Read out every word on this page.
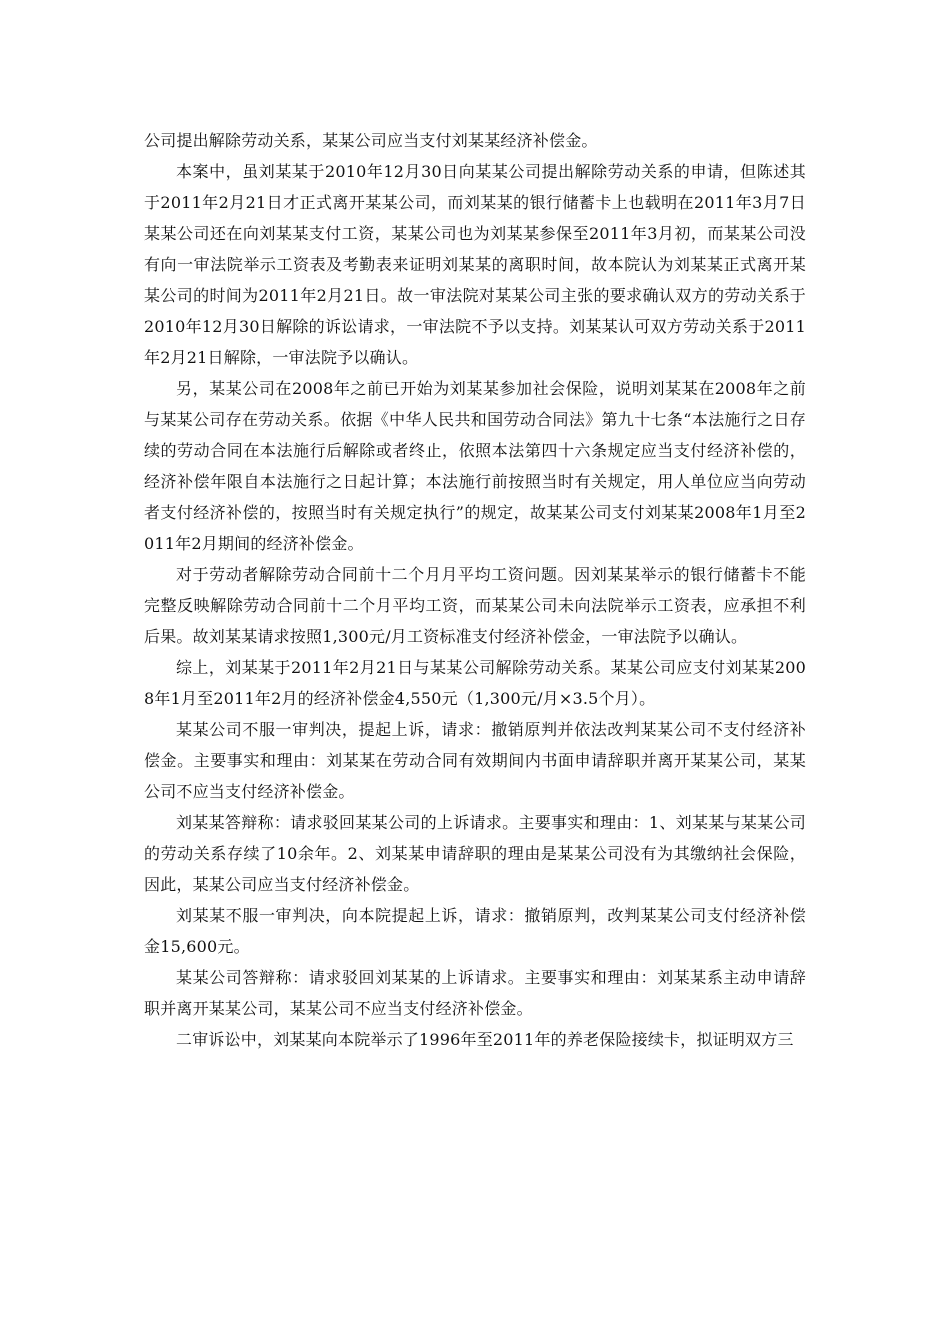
公司提出解除劳动关系，某某公司应当支付刘某某经济补偿金。

本案中，虽刘某某于2010年12月30日向某某公司提出解除劳动关系的申请，但陈述其于2011年2月21日才正式离开某某公司，而刘某某的银行储蓄卡上也载明在2011年3月7日某某公司还在向刘某某支付工资，某某公司也为刘某某参保至2011年3月初，而某某公司没有向一审法院举示工资表及考勤表来证明刘某某的离职时间，故本院认为刘某某正式离开某某公司的时间为2011年2月21日。故一审法院对某某公司主张的要求确认双方的劳动关系于2010年12月30日解除的诉讼请求，一审法院不予以支持。刘某某认可双方劳动关系于2011年2月21日解除，一审法院予以确认。

另，某某公司在2008年之前已开始为刘某某参加社会保险，说明刘某某在2008年之前与某某公司存在劳动关系。依据《中华人民共和国劳动合同法》第九十七条“本法施行之日存续的劳动合同在本法施行后解除或者终止，依照本法第四十六条规定应当支付经济补偿的，经济补偿年限自本法施行之日起计算；本法施行前按照当时有关规定，用人单位应当向劳动者支付经济补偿的，按照当时有关规定执行”的规定，故某某公司支付刘某某2008年1月至2011年2月期间的经济补偿金。

对于劳动者解除劳动合同前十二个月月平均工资问题。因刘某某举示的银行储蓄卡不能完整反映解除劳动合同前十二个月平均工资，而某某公司未向法院举示工资表，应承担不利后果。故刘某某请求按照1,300元/月工资标准支付经济补偿金，一审法院予以确认。

综上，刘某某于2011年2月21日与某某公司解除劳动关系。某某公司应支付刘某某2008年1月至2011年2月的经济补偿金4,550元（1,300元/月×3.5个月）。

某某公司不服一审判决，提起上诉，请求：撤销原判并依法改判某某公司不支付经济补偿金。主要事实和理由：刘某某在劳动合同有效期间内书面申请辞职并离开某某公司，某某公司不应当支付经济补偿金。

刘某某答辩称：请求驳回某某公司的上诉请求。主要事实和理由：1、刘某某与某某公司的劳动关系存续了10余年。2、刘某某申请辞职的理由是某某公司没有为其缴纳社会保险，因此，某某公司应当支付经济补偿金。

刘某某不服一审判决，向本院提起上诉，请求：撤销原判，改判某某公司支付经济补偿金15,600元。

某某公司答辩称：请求驳回刘某某的上诉请求。主要事实和理由：刘某某系主动申请辞职并离开某某公司，某某公司不应当支付经济补偿金。

二审诉讼中，刘某某向本院举示了1996年至2011年的养老保险接续卡，拟证明双方三
